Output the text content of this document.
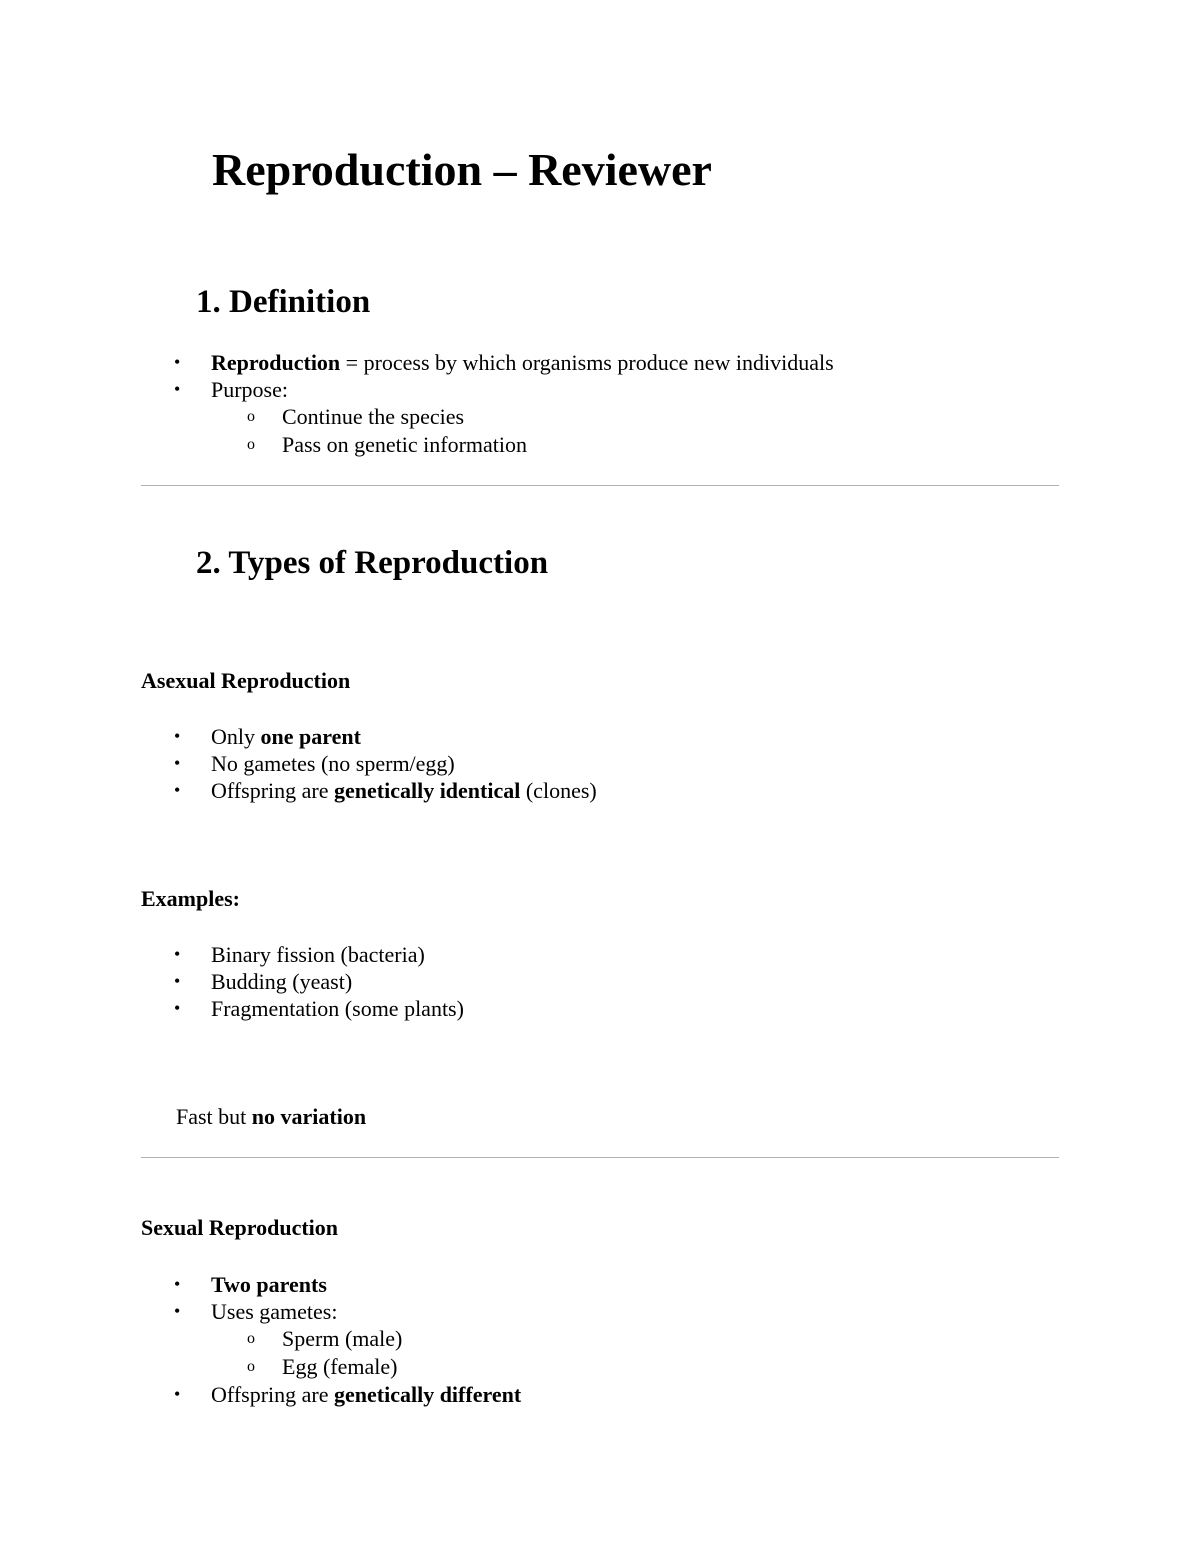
Reproduction – Reviewer
1. Definition
• Reproduction = process by which organisms produce new individuals
• Purpose:
o Continue the species
o Pass on genetic information
2. Types of Reproduction
Asexual Reproduction
• Only one parent
• No gametes (no sperm/egg)
• Offspring are genetically identical (clones)
Examples:
• Binary fission (bacteria)
• Budding (yeast)
• Fragmentation (some plants)
Fast but no variation
Sexual Reproduction
• Two parents
• Uses gametes:
o Sperm (male)
o Egg (female)
• Offspring are genetically different
